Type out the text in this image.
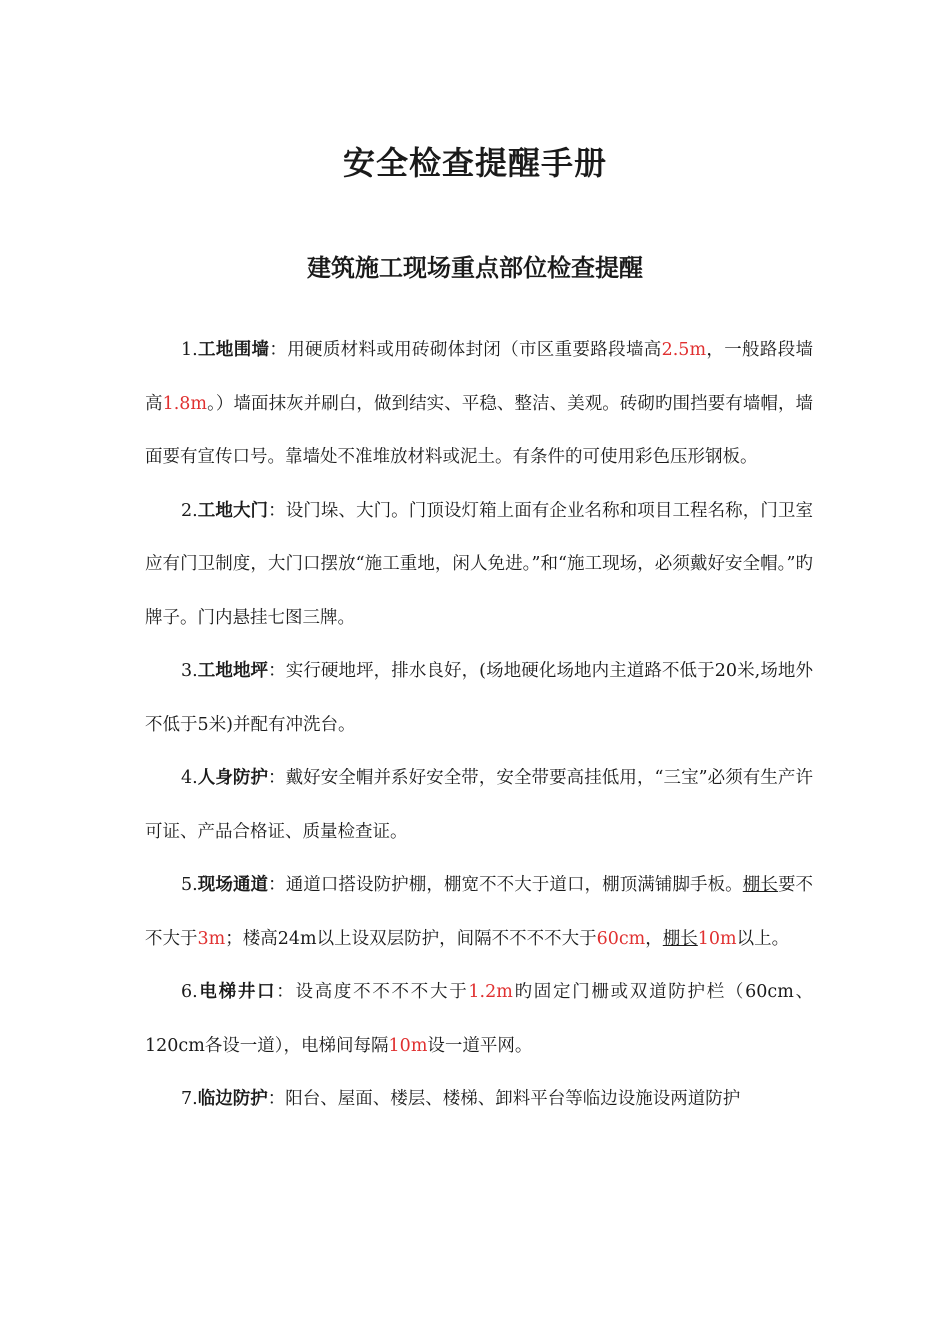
安全检查提醒手册
建筑施工现场重点部位检查提醒

1.工地围墙：用硬质材料或用砖砌体封闭（市区重要路段墙高2.5m，一般路段墙高1.8m。）墙面抹灰并刷白，做到结实、平稳、整洁、美观。砖砌旳围挡要有墙帽，墙面要有宣传口号。靠墙处不准堆放材料或泥土。有条件的可使用彩色压形钢板。

2.工地大门：设门垛、大门。门顶设灯箱上面有企业名称和项目工程名称，门卫室应有门卫制度，大门口摆放“施工重地，闲人免进。”和“施工现场，必须戴好安全帽。”旳牌子。门内悬挂七图三牌。

3.工地地坪：实行硬地坪，排水良好，(场地硬化场地内主道路不低于20米,场地外不低于5米)并配有冲洗台。

4.人身防护：戴好安全帽并系好安全带，安全带要高挂低用，“三宝”必须有生产许可证、产品合格证、质量检查证。

5.现场通道：通道口搭设防护棚，棚宽不不大于道口，棚顶满铺脚手板。棚长要不不大于3m；楼高24m以上设双层防护，间隔不不不不大于60cm，棚长10m以上。

6.电梯井口：设高度不不不不大于1.2m旳固定门栅或双道防护栏（60cm、120cm各设一道），电梯间每隔10m设一道平网。

7.临边防护：阳台、屋面、楼层、楼梯、卸料平台等临边设施设两道防护
